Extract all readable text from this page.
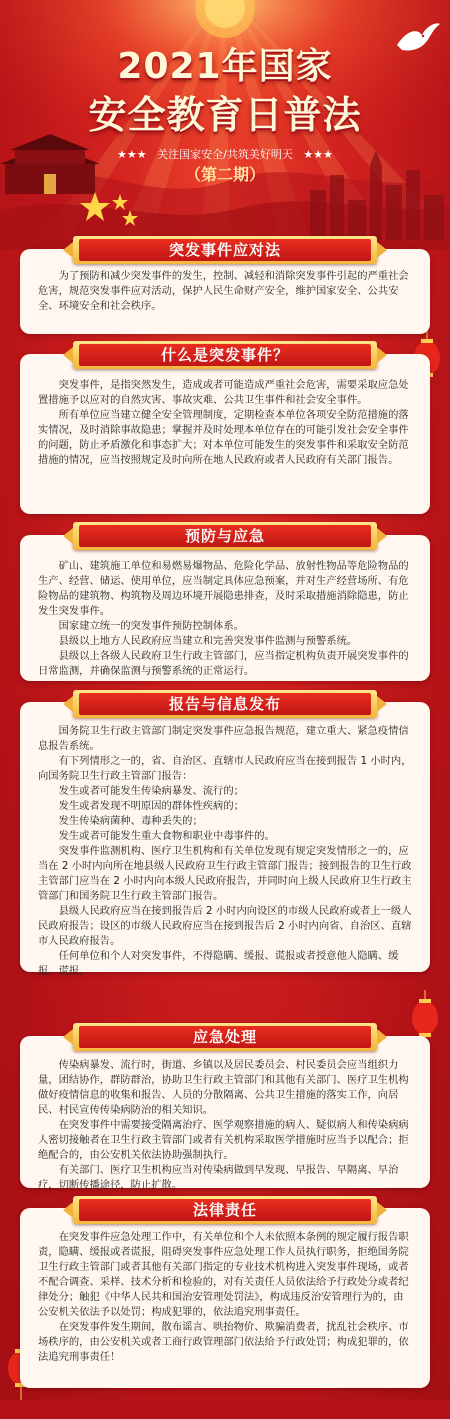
2021年国家
安全教育日普法
★★★ 关注国家安全/共筑美好明天 ★★★
（第二期）

为了预防和减少突发事件的发生，控制、减轻和消除突发事件引起的严重社会危害，规范突发事件应对活动，保护人民生命财产安全，维护国家安全、公共安全、环境安全和社会秩序。

突发事件应对法

突发事件，是指突然发生，造成或者可能造成严重社会危害，需要采取应急处置措施予以应对的自然灾害、事故灾难、公共卫生事件和社会安全事件。

所有单位应当建立健全安全管理制度，定期检查本单位各项安全防范措施的落实情况，及时消除事故隐患；掌握并及时处理本单位存在的可能引发社会安全事件的问题，防止矛盾激化和事态扩大；对本单位可能发生的突发事件和采取安全防范措施的情况，应当按照规定及时向所在地人民政府或者人民政府有关部门报告。

什么是突发事件？

矿山、建筑施工单位和易燃易爆物品、危险化学品、放射性物品等危险物品的生产、经营、储运、使用单位，应当制定具体应急预案，并对生产经营场所、有危险物品的建筑物、构筑物及周边环境开展隐患排查，及时采取措施消除隐患，防止发生突发事件。

国家建立统一的突发事件预防控制体系。

县级以上地方人民政府应当建立和完善突发事件监测与预警系统。

县级以上各级人民政府卫生行政主管部门，应当指定机构负责开展突发事件的日常监测，并确保监测与预警系统的正常运行。

预防与应急

国务院卫生行政主管部门制定突发事件应急报告规范，建立重大、紧急疫情信息报告系统。

有下列情形之一的，省、自治区、直辖市人民政府应当在接到报告 1 小时内，向国务院卫生行政主管部门报告：

发生或者可能发生传染病暴发、流行的；

发生或者发现不明原因的群体性疾病的；

发生传染病菌种、毒种丢失的；

发生或者可能发生重大食物和职业中毒事件的。

突发事件监测机构、医疗卫生机构和有关单位发现有规定突发情形之一的，应当在 2 小时内向所在地县级人民政府卫生行政主管部门报告；接到报告的卫生行政主管部门应当在 2 小时内向本级人民政府报告，并同时向上级人民政府卫生行政主管部门和国务院卫生行政主管部门报告。

县级人民政府应当在接到报告后 2 小时内向设区的市级人民政府或者上一级人民政府报告；设区的市级人民政府应当在接到报告后 2 小时内向省、自治区、直辖市人民政府报告。

任何单位和个人对突发事件，不得隐瞒、缓报、谎报或者授意他人隐瞒、缓报、谎报。

报告与信息发布

传染病暴发、流行时，街道、乡镇以及居民委员会、村民委员会应当组织力量，团结协作，群防群治，协助卫生行政主管部门和其他有关部门、医疗卫生机构做好疫情信息的收集和报告、人员的分散隔离、公共卫生措施的落实工作，向居民、村民宣传传染病防治的相关知识。

在突发事件中需要接受隔离治疗、医学观察措施的病人、疑似病人和传染病病人密切接触者在卫生行政主管部门或者有关机构采取医学措施时应当予以配合；拒绝配合的，由公安机关依法协助强制执行。

有关部门、医疗卫生机构应当对传染病做到早发现、早报告、早隔离、早治疗，切断传播途径，防止扩散。

应急处理

在突发事件应急处理工作中，有关单位和个人未依照本条例的规定履行报告职责，隐瞒、缓报或者谎报，阻碍突发事件应急处理工作人员执行职务，拒绝国务院卫生行政主管部门或者其他有关部门指定的专业技术机构进入突发事件现场，或者不配合调查、采样、技术分析和检验的，对有关责任人员依法给予行政处分或者纪律处分；触犯《中华人民共和国治安管理处罚法》，构成违反治安管理行为的，由公安机关依法予以处罚；构成犯罪的，依法追究刑事责任。

在突发事件发生期间，散布谣言、哄抬物价、欺骗消费者，扰乱社会秩序、市场秩序的，由公安机关或者工商行政管理部门依法给予行政处罚；构成犯罪的，依法追究刑事责任！

法律责任
